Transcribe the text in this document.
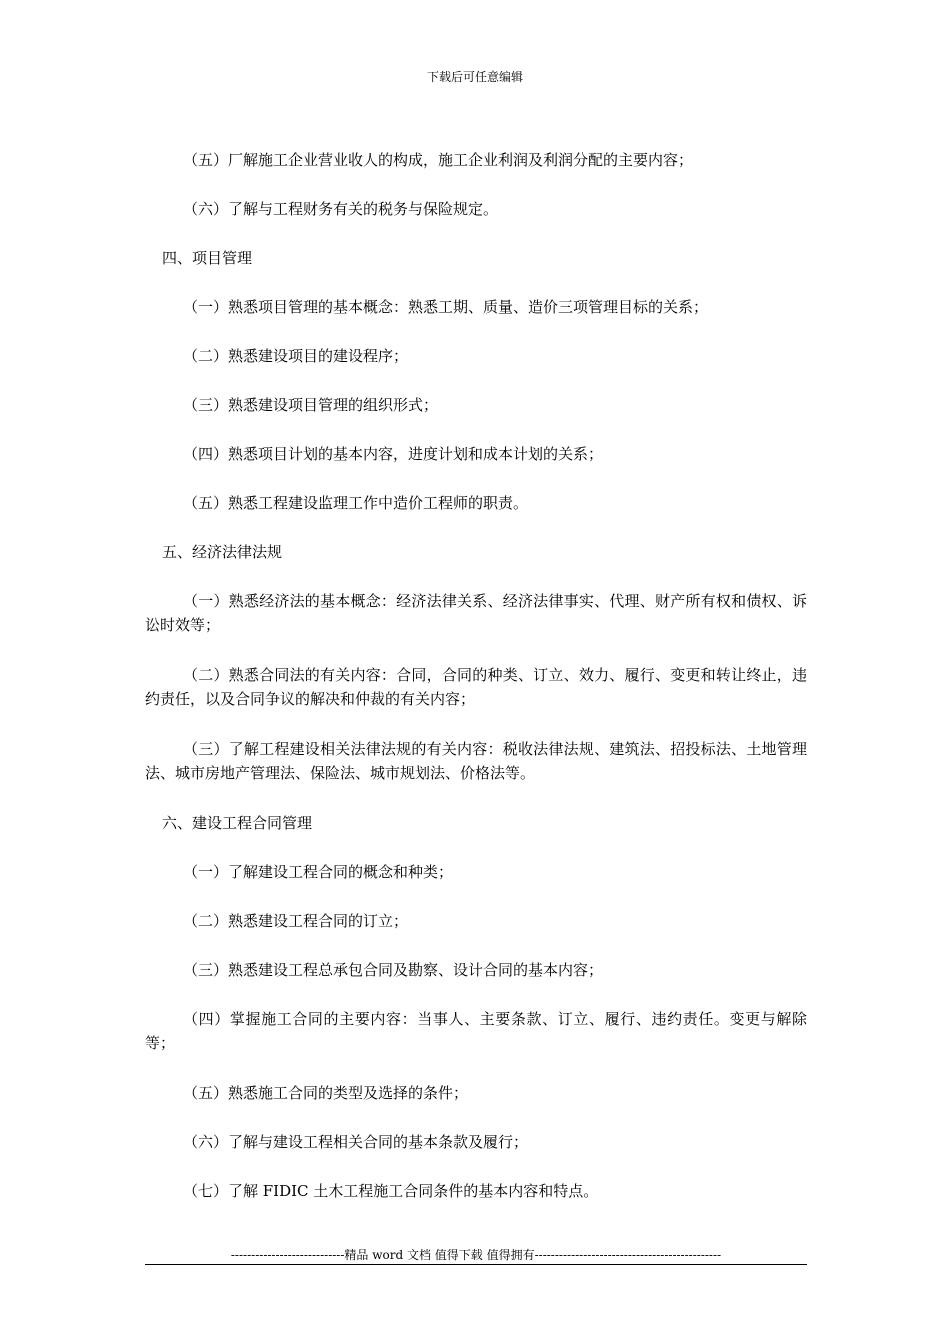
下载后可任意编辑

（五）厂解施工企业营业收人的构成，施工企业利润及利润分配的主要内容；

（六）了解与工程财务有关的税务与保险规定。

四、项目管理

（一）熟悉项目管理的基本概念：熟悉工期、质量、造价三项管理目标的关系；

（二）熟悉建设项目的建设程序；

（三）熟悉建设项目管理的组织形式；

（四）熟悉项目计划的基本内容，进度计划和成本计划的关系；

（五）熟悉工程建设监理工作中造价工程师的职责。

五、经济法律法规

（一）熟悉经济法的基本概念：经济法律关系、经济法律事实、代理、财产所有权和债权、诉讼时效等；

（二）熟悉合同法的有关内容：合同，合同的种类、订立、效力、履行、变更和转让终止，违约责任，以及合同争议的解决和仲裁的有关内容；

（三）了解工程建设相关法律法规的有关内容：税收法律法规、建筑法、招投标法、土地管理法、城市房地产管理法、保险法、城市规划法、价格法等。

六、建设工程合同管理

（一）了解建设工程合同的概念和种类；

（二）熟悉建设工程合同的订立；

（三）熟悉建设工程总承包合同及勘察、设计合同的基本内容；

（四）掌握施工合同的主要内容：当事人、主要条款、订立、履行、违约责任。变更与解除等；

（五）熟悉施工合同的类型及选择的条件；

（六）了解与建设工程相关合同的基本条款及履行；

（七）了解 FIDIC 土木工程施工合同条件的基本内容和特点。

----------------------------精品 word 文档 值得下载 值得拥有----------------------------------------------
